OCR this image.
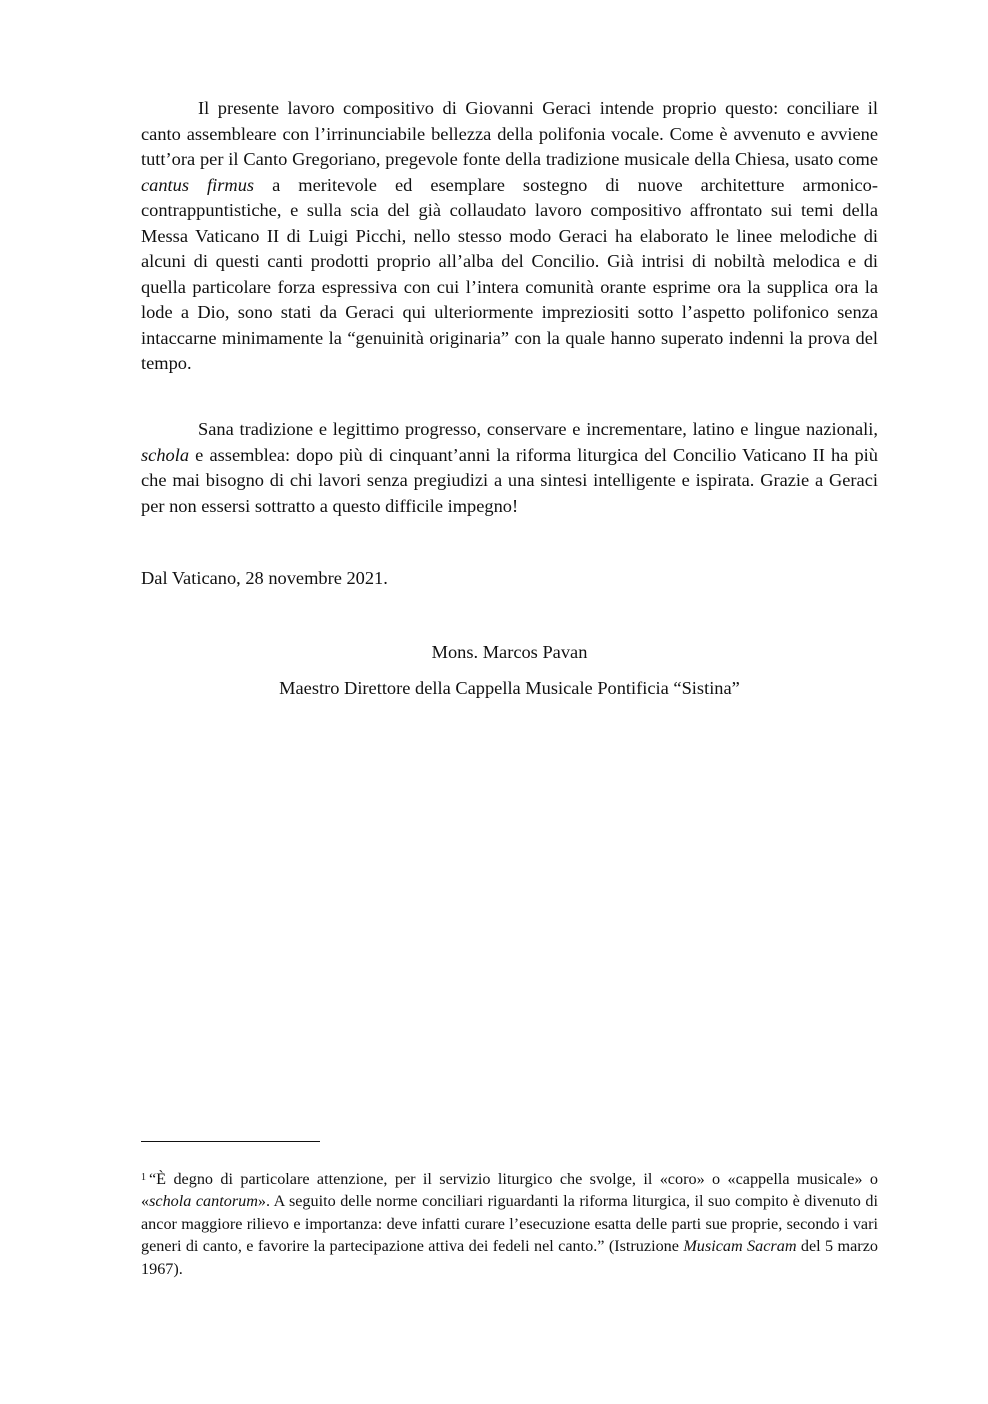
Il presente lavoro compositivo di Giovanni Geraci intende proprio questo: conciliare il canto assembleare con l’irrinunciabile bellezza della polifonia vocale. Come è avvenuto e avviene tutt’ora per il Canto Gregoriano, pregevole fonte della tradizione musicale della Chiesa, usato come cantus firmus a meritevole ed esemplare sostegno di nuove architetture armonico-contrappuntistiche, e sulla scia del già collaudato lavoro compositivo affrontato sui temi della Messa Vaticano II di Luigi Picchi, nello stesso modo Geraci ha elaborato le linee melodiche di alcuni di questi canti prodotti proprio all’alba del Concilio. Già intrisi di nobiltà melodica e di quella particolare forza espressiva con cui l’intera comunità orante esprime ora la supplica ora la lode a Dio, sono stati da Geraci qui ulteriormente impreziositi sotto l’aspetto polifonico senza intaccarne minimamente la “genuinità originaria” con la quale hanno superato indenni la prova del tempo.

Sana tradizione e legittimo progresso, conservare e incrementare, latino e lingue nazionali, schola e assemblea: dopo più di cinquant’anni la riforma liturgica del Concilio Vaticano II ha più che mai bisogno di chi lavori senza pregiudizi a una sintesi intelligente e ispirata. Grazie a Geraci per non essersi sottratto a questo difficile impegno!

Dal Vaticano, 28 novembre 2021.

Mons. Marcos Pavan

Maestro Direttore della Cappella Musicale Pontificia “Sistina”

$^1$ “È degno di particolare attenzione, per il servizio liturgico che svolge, il «coro» o «cappella musicale» o «schola cantorum». A seguito delle norme conciliari riguardanti la riforma liturgica, il suo compito è divenuto di ancor maggiore rilievo e importanza: deve infatti curare l’esecuzione esatta delle parti sue proprie, secondo i vari generi di canto, e favorire la partecipazione attiva dei fedeli nel canto.” (Istruzione Musicam Sacram del 5 marzo 1967).
